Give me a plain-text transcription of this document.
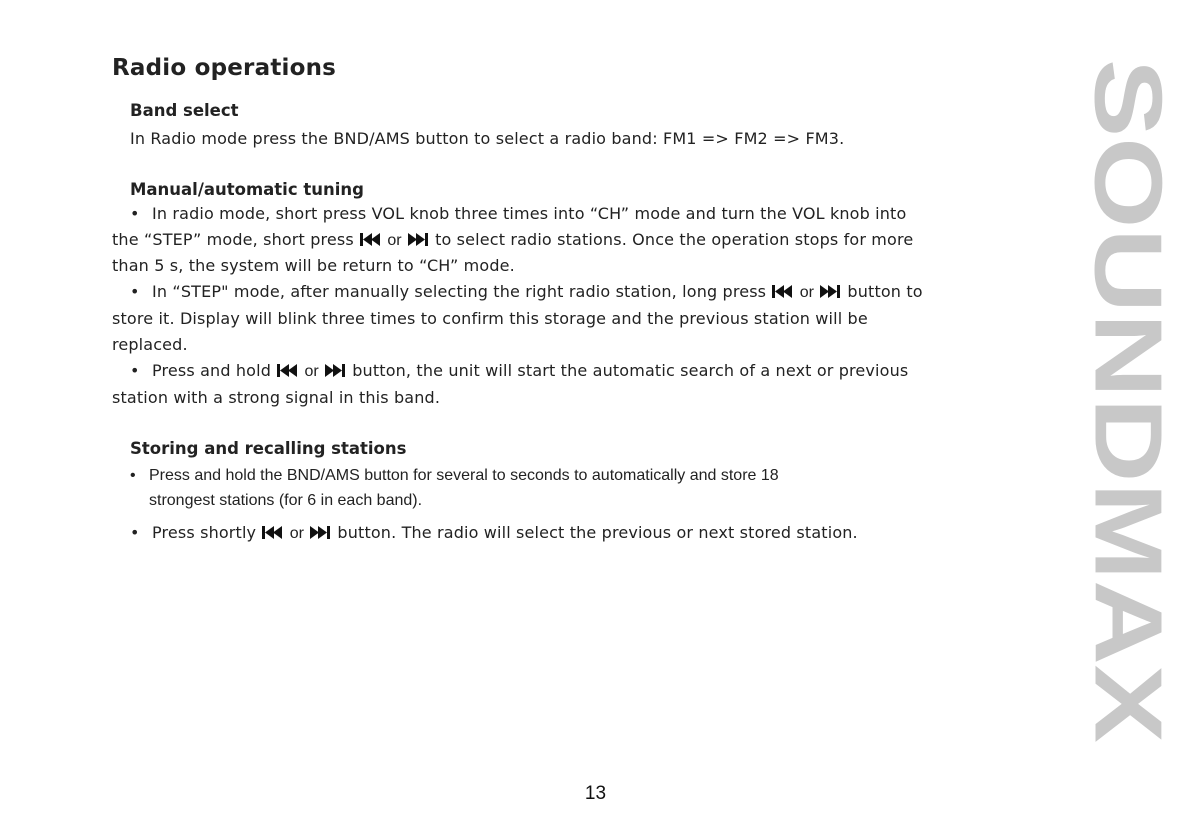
Radio operations
Band select
In Radio mode press the BND/AMS button to select a radio band: FM1 => FM2 => FM3.
Manual/automatic tuning
• In radio mode, short press VOL knob three times into “CH” mode and turn the VOL knob into
the “STEP” mode, short press or to select radio stations. Once the operation stops for more
than 5 s, the system will be return to “CH” mode.
• In “STEP" mode, after manually selecting the right radio station, long press or button to
store it. Display will blink three times to confirm this storage and the previous station will be
replaced.
• Press and hold or button, the unit will start the automatic search of a next or previous
station with a strong signal in this band.
Storing and recalling stations
• Press and hold the BND/AMS button for several to seconds to automatically and store 18
strongest stations (for 6 in each band).
• Press shortly or button. The radio will select the previous or next stored station. SOUNDMAX
13
